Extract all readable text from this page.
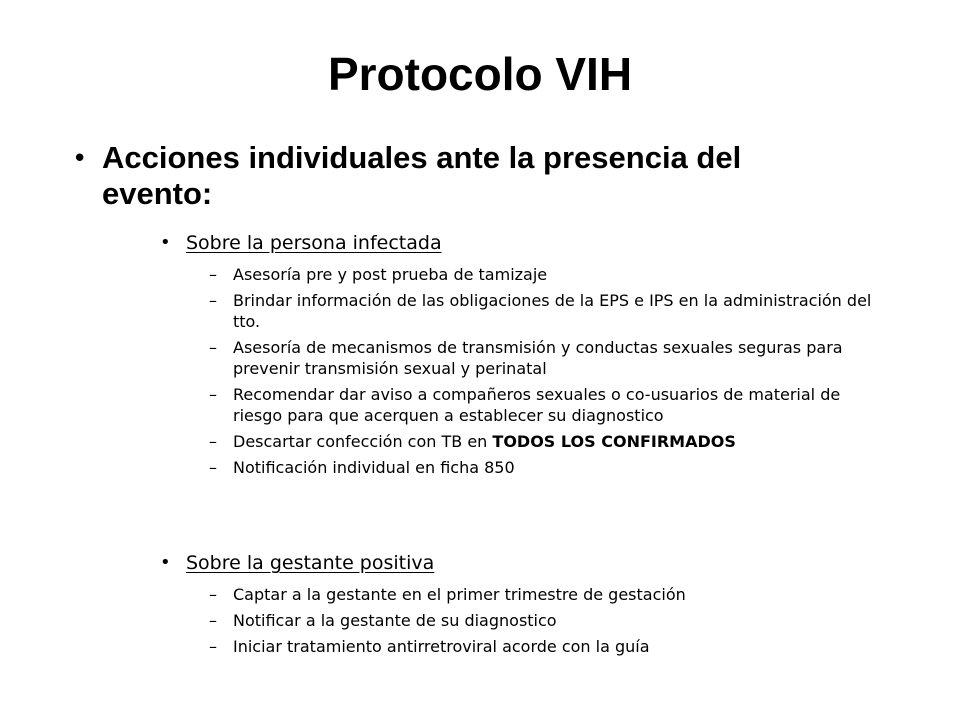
Protocolo VIH
• Acciones individuales ante la presencia del evento:
• Sobre la persona infectada
–	Asesoría pre y post prueba de tamizaje
–	Brindar información de las obligaciones de la EPS e IPS en la administración del tto.
–	Asesoría de mecanismos de transmisión y conductas sexuales seguras para prevenir transmisión sexual y perinatal
–	Recomendar dar aviso a compañeros sexuales o co-usuarios de material de riesgo para que acerquen a establecer su diagnostico
–	Descartar confección con TB en TODOS LOS CONFIRMADOS
–	Notificación individual en ficha 850
• Sobre la gestante positiva
–	Captar a la gestante en el primer trimestre de gestación
–	Notificar a la gestante de su diagnostico
–	Iniciar tratamiento antirretroviral acorde con la guía
